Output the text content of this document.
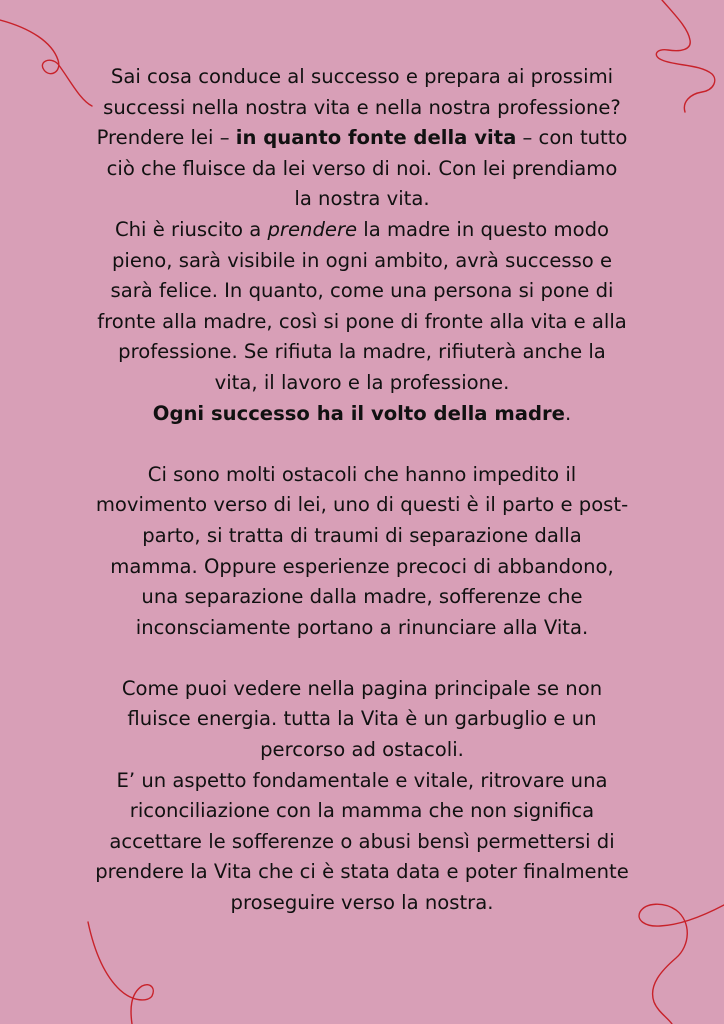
Sai cosa conduce al successo e prepara ai prossimi
successi nella nostra vita e nella nostra professione?
Prendere lei – in quanto fonte della vita – con tutto
ciò che fluisce da lei verso di noi. Con lei prendiamo
la nostra vita.

Chi è riuscito a prendere la madre in questo modo
pieno, sarà visibile in ogni ambito, avrà successo e
sarà felice. In quanto, come una persona si pone di
fronte alla madre, così si pone di fronte alla vita e alla
professione. Se rifiuta la madre, rifiuterà anche la
vita, il lavoro e la professione.

Ogni successo ha il volto della madre.

Ci sono molti ostacoli che hanno impedito il
movimento verso di lei, uno di questi è il parto e post-
parto, si tratta di traumi di separazione dalla
mamma. Oppure esperienze precoci di abbandono,
una separazione dalla madre, sofferenze che
inconsciamente portano a rinunciare alla Vita.

Come puoi vedere nella pagina principale se non
fluisce energia. tutta la Vita è un garbuglio e un
percorso ad ostacoli.

E’ un aspetto fondamentale e vitale, ritrovare una
riconciliazione con la mamma che non significa
accettare le sofferenze o abusi bensì permettersi di
prendere la Vita che ci è stata data e poter finalmente
proseguire verso la nostra.
